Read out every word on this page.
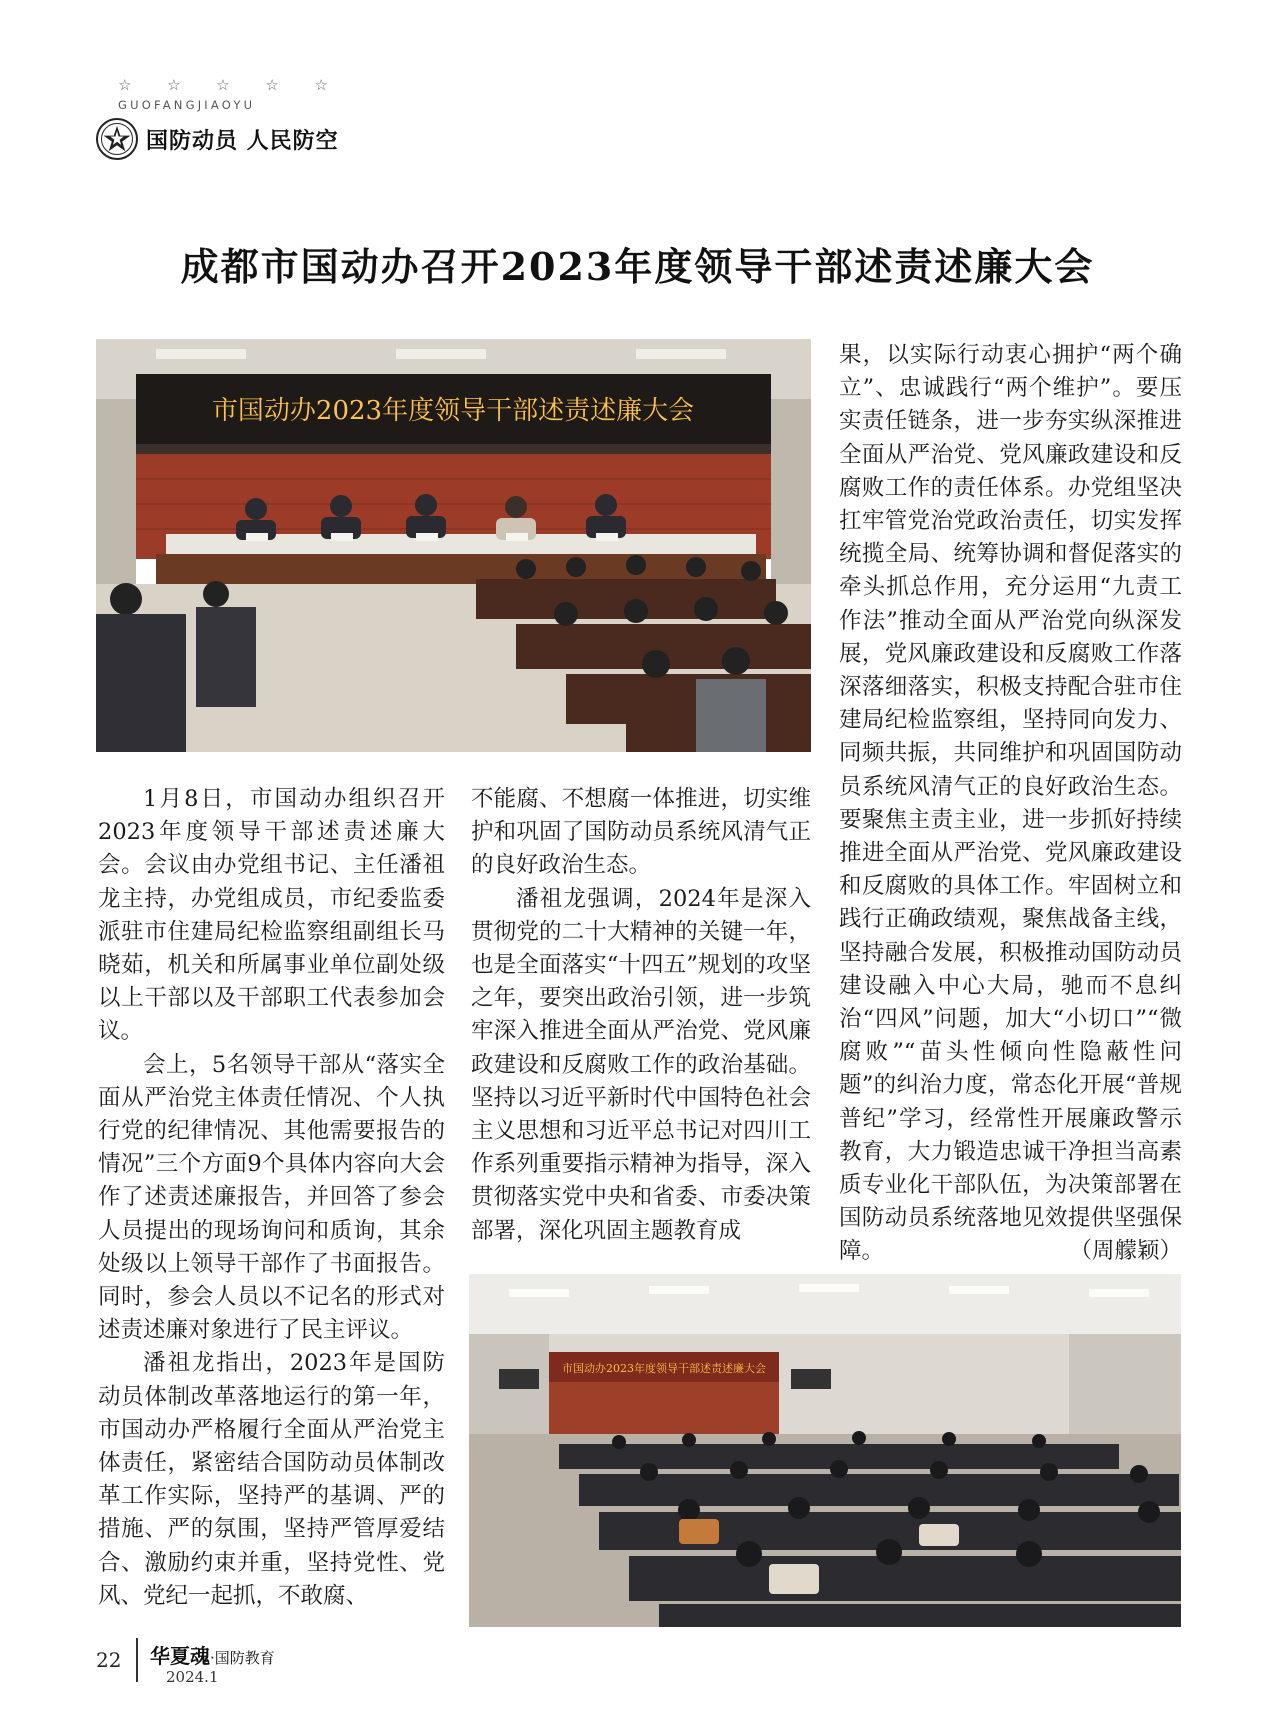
☆ ☆ ☆ ☆ ☆
GUOFANGJIAOYU
国防动员 人民防空
成都市国动办召开2023年度领导干部述责述廉大会
市国动办2023年度领导干部述责述廉大会
市国动办2023年度领导干部述责述廉大会

1月8日，市国动办组织召开2023年度领导干部述责述廉大会。会议由办党组书记、主任潘祖龙主持，办党组成员，市纪委监委派驻市住建局纪检监察组副组长马晓茹，机关和所属事业单位副处级以上干部以及干部职工代表参加会议。

会上，5名领导干部从“落实全面从严治党主体责任情况、个人执行党的纪律情况、其他需要报告的情况”三个方面9个具体内容向大会作了述责述廉报告，并回答了参会人员提出的现场询问和质询，其余处级以上领导干部作了书面报告。同时，参会人员以不记名的形式对述责述廉对象进行了民主评议。

潘祖龙指出，2023年是国防动员体制改革落地运行的第一年，市国动办严格履行全面从严治党主体责任，紧密结合国防动员体制改革工作实际，坚持严的基调、严的措施、严的氛围，坚持严管厚爱结合、激励约束并重，坚持党性、党风、党纪一起抓，不敢腐、

不能腐、不想腐一体推进，切实维护和巩固了国防动员系统风清气正的良好政治生态。

潘祖龙强调，2024年是深入贯彻党的二十大精神的关键一年，也是全面落实“十四五”规划的攻坚之年，要突出政治引领，进一步筑牢深入推进全面从严治党、党风廉政建设和反腐败工作的政治基础。坚持以习近平新时代中国特色社会主义思想和习近平总书记对四川工作系列重要指示精神为指导，深入贯彻落实党中央和省委、市委决策部署，深化巩固主题教育成

果，以实际行动衷心拥护“两个确立”、忠诚践行“两个维护”。要压实责任链条，进一步夯实纵深推进全面从严治党、党风廉政建设和反腐败工作的责任体系。办党组坚决扛牢管党治党政治责任，切实发挥统揽全局、统筹协调和督促落实的牵头抓总作用，充分运用“九责工作法”推动全面从严治党向纵深发展，党风廉政建设和反腐败工作落深落细落实，积极支持配合驻市住建局纪检监察组，坚持同向发力、同频共振，共同维护和巩固国防动员系统风清气正的良好政治生态。要聚焦主责主业，进一步抓好持续推进全面从严治党、党风廉政建设和反腐败的具体工作。牢固树立和践行正确政绩观，聚焦战备主线，坚持融合发展，积极推动国防动员建设融入中心大局，驰而不息纠治“四风”问题，加大“小切口”“微腐败”“苗头性倾向性隐蔽性问题”的纠治力度，常态化开展“普规普纪”学习，经常性开展廉政警示教育，大力锻造忠诚干净担当高素质专业化干部队伍，为决策部署在国防动员系统落地见效提供坚强保障。	（周艨颖）

22 华夏魂·国防教育
2024.1
